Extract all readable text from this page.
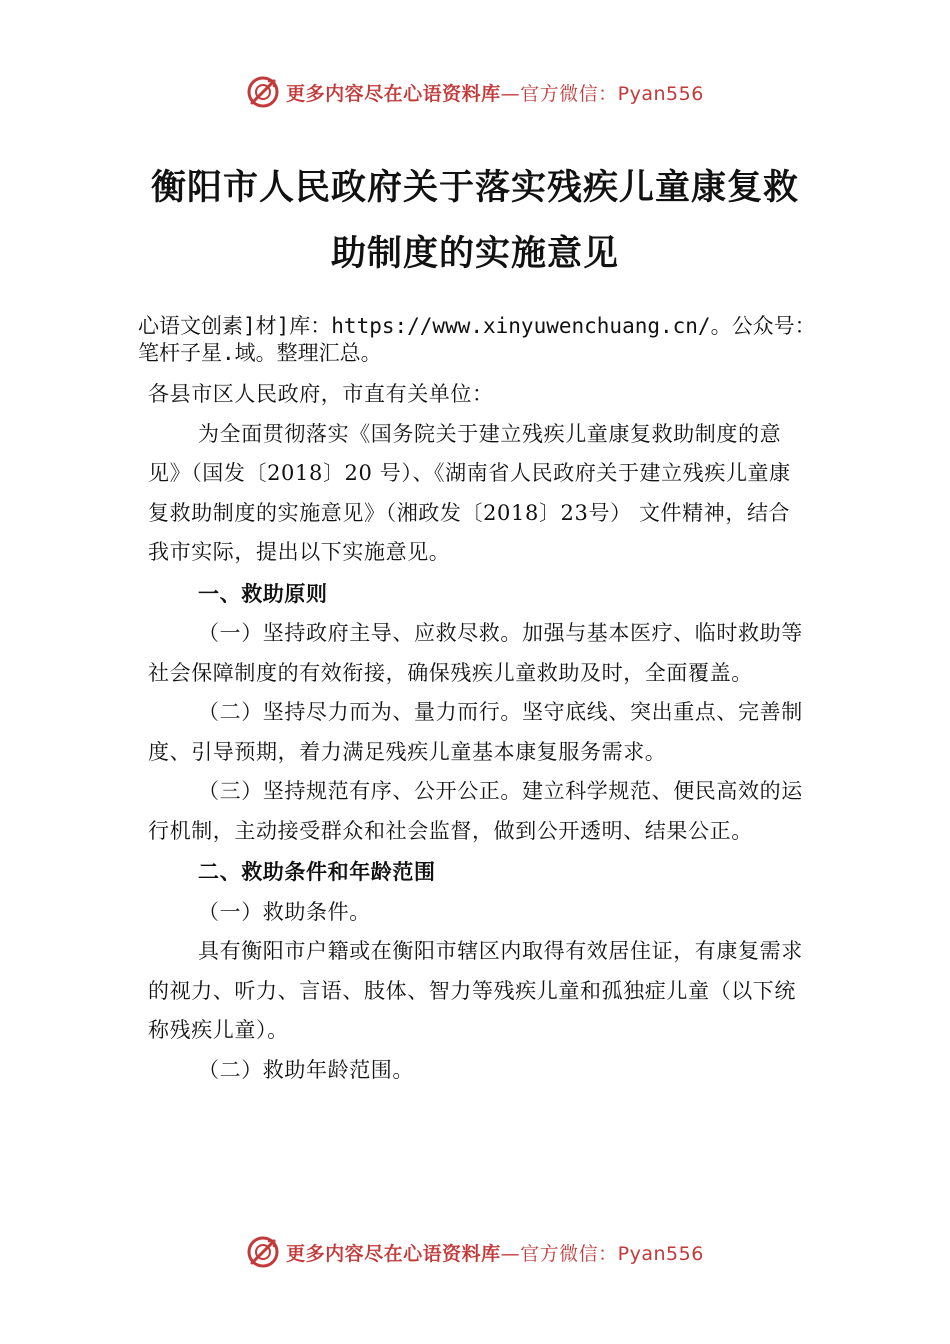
更多内容尽在心语资料库 —官方微信：Pyan556
衡阳市人民政府关于落实残疾儿童康复救
助制度的实施意见
心语文创素]材]库：https://www.xinyuwenchuang.cn/。公众号：笔杆子星.域。整理汇总。

各县市区人民政府，市直有关单位：

为全面贯彻落实《国务院关于建立残疾儿童康复救助制度的意见》（国发〔2018〕20 号）、《湖南省人民政府关于建立残疾儿童康复救助制度的实施意见》（湘政发〔2018〕23号） 文件精神，结合我市实际，提出以下实施意见。

一、救助原则

（一）坚持政府主导、应救尽救。加强与基本医疗、临时救助等社会保障制度的有效衔接，确保残疾儿童救助及时，全面覆盖。

（二）坚持尽力而为、量力而行。坚守底线、突出重点、完善制度、引导预期，着力满足残疾儿童基本康复服务需求。

（三）坚持规范有序、公开公正。建立科学规范、便民高效的运行机制，主动接受群众和社会监督，做到公开透明、结果公正。

二、救助条件和年龄范围

（一）救助条件。

具有衡阳市户籍或在衡阳市辖区内取得有效居住证，有康复需求的视力、听力、言语、肢体、智力等残疾儿童和孤独症儿童（以下统称残疾儿童）。

（二）救助年龄范围。

更多内容尽在心语资料库 —官方微信：Pyan556
